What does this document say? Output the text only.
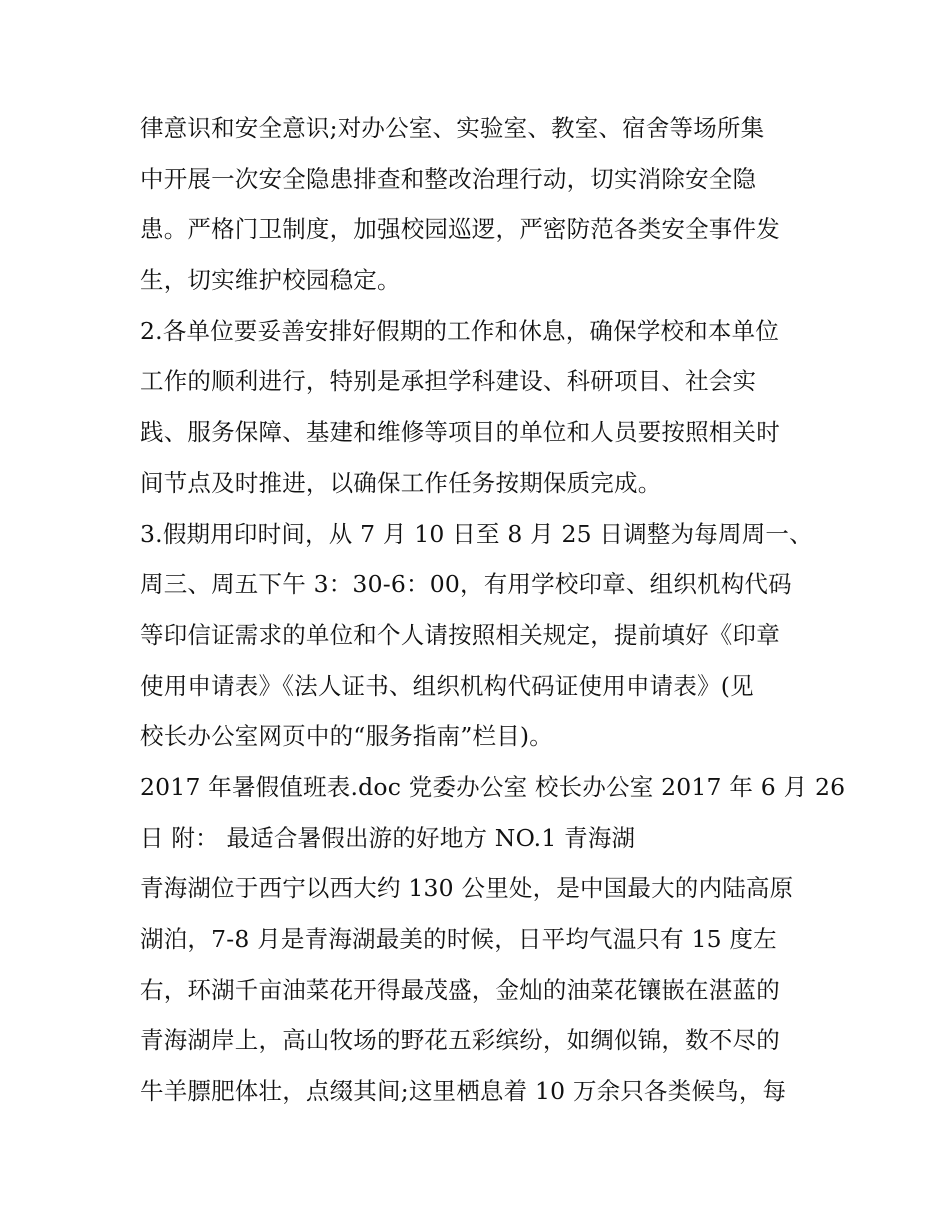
律意识和安全意识;对办公室、实验室、教室、宿舍等场所集
中开展一次安全隐患排查和整改治理行动，切实消除安全隐
患。严格门卫制度，加强校园巡逻，严密防范各类安全事件发
生，切实维护校园稳定。
2.各单位要妥善安排好假期的工作和休息，确保学校和本单位
工作的顺利进行，特别是承担学科建设、科研项目、社会实
践、服务保障、基建和维修等项目的单位和人员要按照相关时
间节点及时推进，以确保工作任务按期保质完成。
3.假期用印时间，从 7 月 10 日至 8 月 25 日调整为每周周一、
周三、周五下午 3：30-6：00，有用学校印章、组织机构代码
等印信证需求的单位和个人请按照相关规定，提前填好《印章
使用申请表》《法人证书、组织机构代码证使用申请表》(见
校长办公室网页中的“服务指南”栏目)。
2017 年暑假值班表.doc 党委办公室 校长办公室 2017 年 6 月 26
日 附： 最适合暑假出游的好地方 NO.1 青海湖
青海湖位于西宁以西大约 130 公里处，是中国最大的内陆高原
湖泊，7-8 月是青海湖最美的时候，日平均气温只有 15 度左
右，环湖千亩油菜花开得最茂盛，金灿的油菜花镶嵌在湛蓝的
青海湖岸上，高山牧场的野花五彩缤纷，如绸似锦，数不尽的
牛羊膘肥体壮，点缀其间;这里栖息着 10 万余只各类候鸟，每
